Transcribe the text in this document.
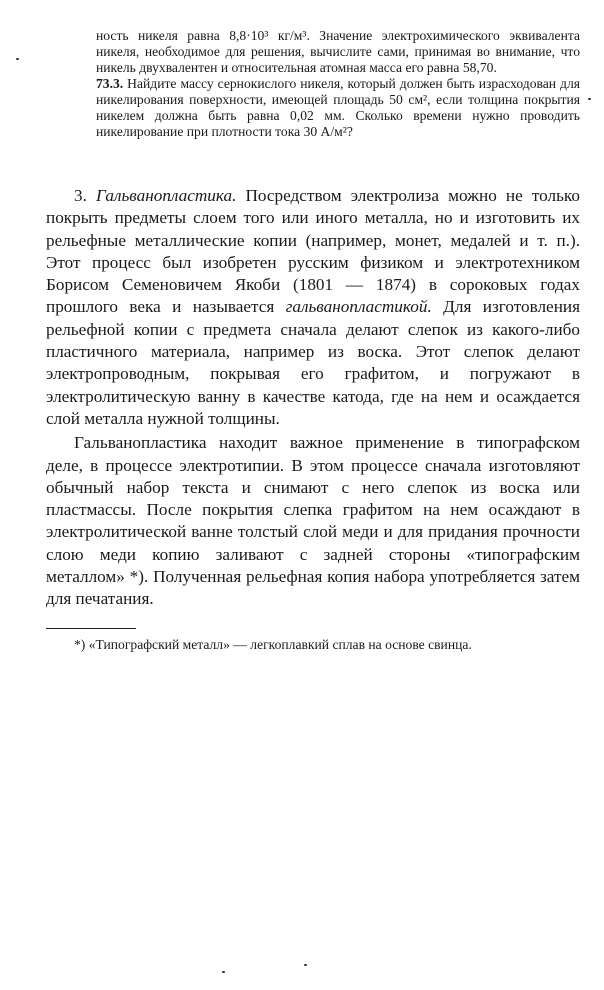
ность никеля равна 8,8·10³ кг/м³. Значение электрохимического эквивалента никеля, необходимое для решения, вычислите сами, принимая во внимание, что никель двухвалентен и относительная атомная масса его равна 58,70.

73.3. Найдите массу сернокислого никеля, который должен быть израсходован для никелирования поверхности, имеющей площадь 50 см², если толщина покрытия никелем должна быть равна 0,02 мм. Сколько времени нужно проводить никелирование при плотности тока 30 А/м²?

3. Гальванопластика. Посредством электролиза можно не только покрыть предметы слоем того или иного металла, но и изготовить их рельефные металлические копии (например, монет, медалей и т. п.). Этот процесс был изобретен русским физиком и электротехником Борисом Семеновичем Якоби (1801 — 1874) в сороковых годах прошлого века и называется гальванопластикой. Для изготовления рельефной копии с предмета сначала делают слепок из какого-либо пластичного материала, например из воска. Этот слепок делают электропроводным, покрывая его графитом, и погружают в электролитическую ванну в качестве катода, где на нем и осаждается слой металла нужной толщины.

Гальванопластика находит важное применение в типографском деле, в процессе электротипии. В этом процессе сначала изготовляют обычный набор текста и снимают с него слепок из воска или пластмассы. После покрытия слепка графитом на нем осаждают в электролитической ванне толстый слой меди и для придания прочности слою меди копию заливают с задней стороны «типографским металлом» *). Полученная рельефная копия набора употребляется затем для печатания.

*) «Типографский металл» — легкоплавкий сплав на основе свинца.
